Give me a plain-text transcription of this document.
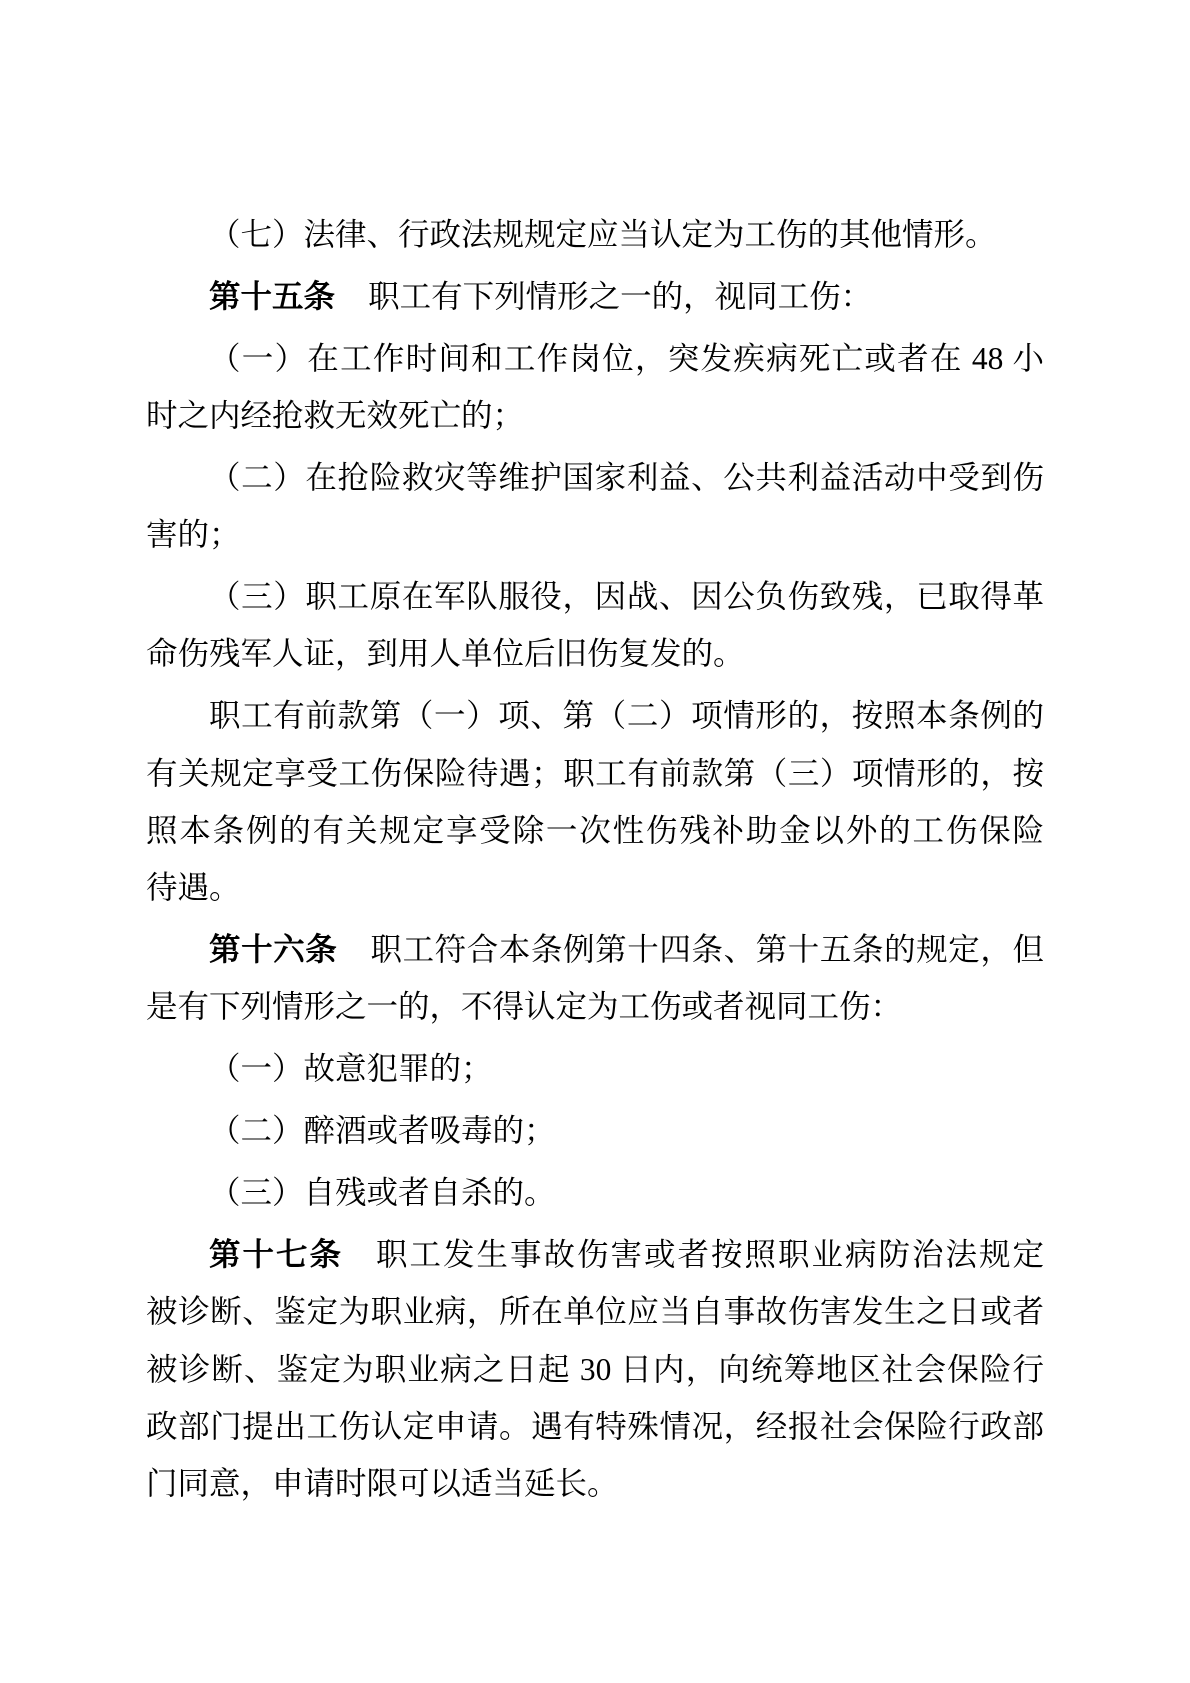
（七）法律、行政法规规定应当认定为工伤的其他情形。

第十五条 职工有下列情形之一的，视同工伤：

（一）在工作时间和工作岗位，突发疾病死亡或者在 48 小
时之内经抢救无效死亡的；

（二）在抢险救灾等维护国家利益、公共利益活动中受到伤
害的；

（三）职工原在军队服役，因战、因公负伤致残，已取得革
命伤残军人证，到用人单位后旧伤复发的。

职工有前款第（一）项、第（二）项情形的，按照本条例的
有关规定享受工伤保险待遇；职工有前款第（三）项情形的，按
照本条例的有关规定享受除一次性伤残补助金以外的工伤保险
待遇。

第十六条 职工符合本条例第十四条、第十五条的规定，但
是有下列情形之一的，不得认定为工伤或者视同工伤：

（一）故意犯罪的；

（二）醉酒或者吸毒的；

（三）自残或者自杀的。

第十七条 职工发生事故伤害或者按照职业病防治法规定
被诊断、鉴定为职业病，所在单位应当自事故伤害发生之日或者
被诊断、鉴定为职业病之日起 30 日内，向统筹地区社会保险行
政部门提出工伤认定申请。遇有特殊情况，经报社会保险行政部
门同意，申请时限可以适当延长。
